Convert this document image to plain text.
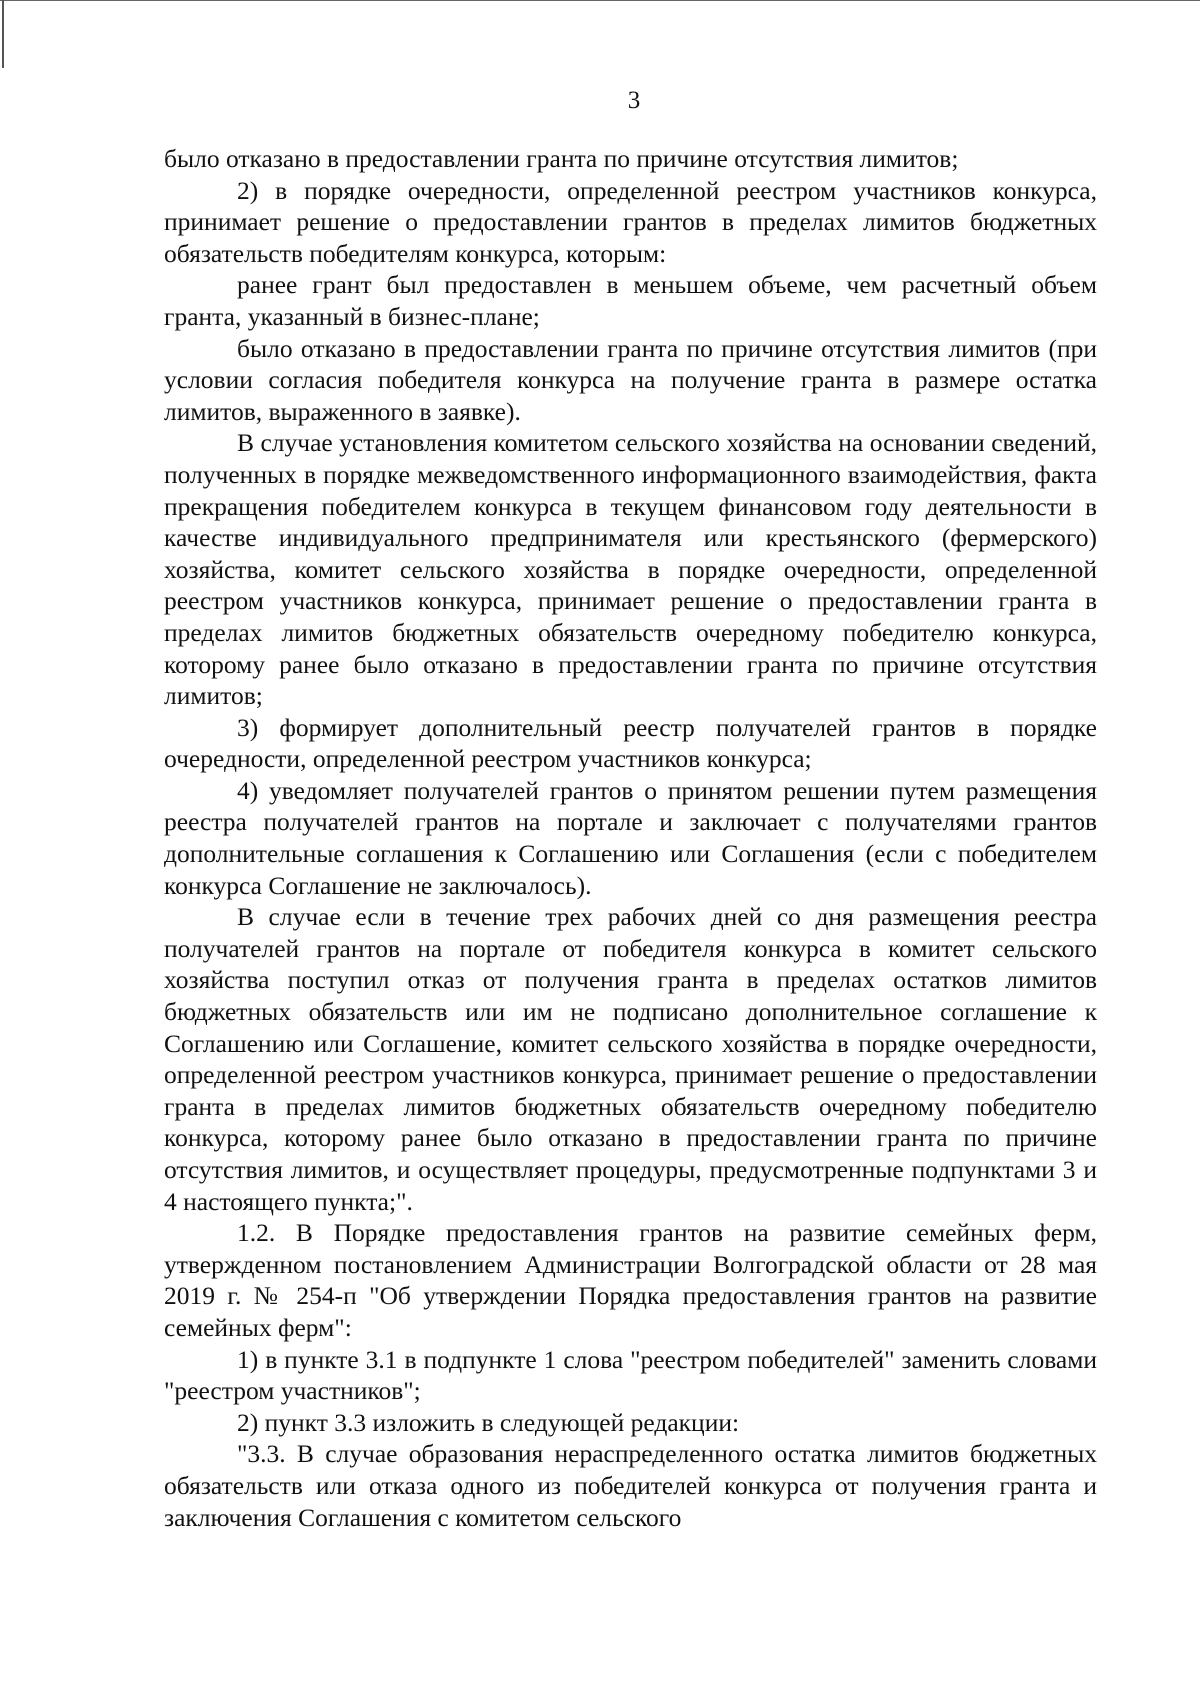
3

было отказано в предоставлении гранта по причине отсутствия лимитов;

2) в порядке очередности, определенной реестром участников конкурса, принимает решение о предоставлении грантов в пределах лимитов бюджетных обязательств победителям конкурса, которым:

ранее грант был предоставлен в меньшем объеме, чем расчетный объем гранта, указанный в бизнес-плане;

было отказано в предоставлении гранта по причине отсутствия лимитов (при условии согласия победителя конкурса на получение гранта в размере остатка лимитов, выраженного в заявке).

В случае установления комитетом сельского хозяйства на основании сведений, полученных в порядке межведомственного информационного взаимодействия, факта прекращения победителем конкурса в текущем финансовом году деятельности в качестве индивидуального предпринимателя или крестьянского (фермерского) хозяйства, комитет сельского хозяйства в порядке очередности, определенной реестром участников конкурса, принимает решение о предоставлении гранта в пределах лимитов бюджетных обязательств очередному победителю конкурса, которому ранее было отказано в предоставлении гранта по причине отсутствия лимитов;

3) формирует дополнительный реестр получателей грантов в порядке очередности, определенной реестром участников конкурса;

4) уведомляет получателей грантов о принятом решении путем размещения реестра получателей грантов на портале и заключает с получателями грантов дополнительные соглашения к Соглашению или Соглашения (если с победителем конкурса Соглашение не заключалось).

В случае если в течение трех рабочих дней со дня размещения реестра получателей грантов на портале от победителя конкурса в комитет сельского хозяйства поступил отказ от получения гранта в пределах остатков лимитов бюджетных обязательств или им не подписано дополнительное соглашение к Соглашению или Соглашение, комитет сельского хозяйства в порядке очередности, определенной реестром участников конкурса, принимает решение о предоставлении гранта в пределах лимитов бюджетных обязательств очередному победителю конкурса, которому ранее было отказано в предоставлении гранта по причине отсутствия лимитов, и осуществляет процедуры, предусмотренные подпунктами 3 и 4 настоящего пункта;".

1.2. В Порядке предоставления грантов на развитие семейных ферм, утвержденном постановлением Администрации Волгоградской области от 28 мая 2019 г. № 254-п "Об утверждении Порядка предоставления грантов на развитие семейных ферм":

1) в пункте 3.1 в подпункте 1 слова "реестром победителей" заменить словами "реестром участников";

2) пункт 3.3 изложить в следующей редакции:

"3.3. В случае образования нераспределенного остатка лимитов бюджетных обязательств или отказа одного из победителей конкурса от получения гранта и заключения Соглашения с комитетом сельского
